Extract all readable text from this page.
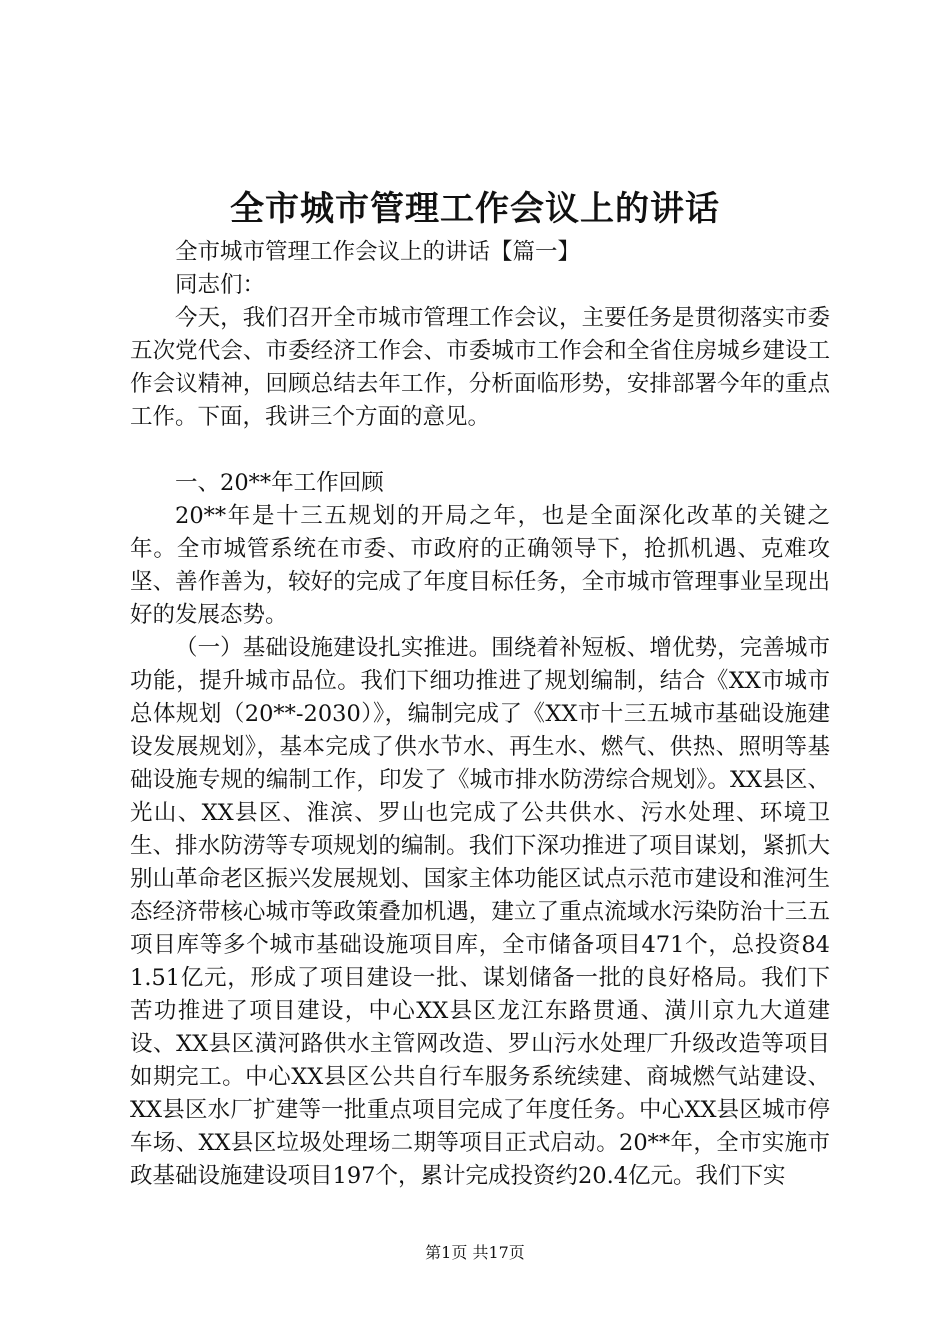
全市城市管理工作会议上的讲话

全市城市管理工作会议上的讲话【篇一】

同志们：

今天，我们召开全市城市管理工作会议，主要任务是贯彻落实市委五次党代会、市委经济工作会、市委城市工作会和全省住房城乡建设工作会议精神，回顾总结去年工作，分析面临形势，安排部署今年的重点工作。下面，我讲三个方面的意见。

一、20**年工作回顾

20**年是十三五规划的开局之年，也是全面深化改革的关键之年。全市城管系统在市委、市政府的正确领导下，抢抓机遇、克难攻坚、善作善为，较好的完成了年度目标任务，全市城市管理事业呈现出好的发展态势。

（一）基础设施建设扎实推进。围绕着补短板、增优势，完善城市功能，提升城市品位。我们下细功推进了规划编制，结合《XX市城市总体规划（20**-2030）》，编制完成了《XX市十三五城市基础设施建设发展规划》，基本完成了供水节水、再生水、燃气、供热、照明等基础设施专规的编制工作，印发了《城市排水防涝综合规划》。XX县区、光山、XX县区、淮滨、罗山也完成了公共供水、污水处理、环境卫生、排水防涝等专项规划的编制。我们下深功推进了项目谋划，紧抓大别山革命老区振兴发展规划、国家主体功能区试点示范市建设和淮河生态经济带核心城市等政策叠加机遇，建立了重点流域水污染防治十三五项目库等多个城市基础设施项目库，全市储备项目471个，总投资841.51亿元，形成了项目建设一批、谋划储备一批的良好格局。我们下苦功推进了项目建设，中心XX县区龙江东路贯通、潢川京九大道建设、XX县区潢河路供水主管网改造、罗山污水处理厂升级改造等项目如期完工。中心XX县区公共自行车服务系统续建、商城燃气站建设、XX县区水厂扩建等一批重点项目完成了年度任务。中心XX县区城市停车场、XX县区垃圾处理场二期等项目正式启动。20**年，全市实施市政基础设施建设项目197个，累计完成投资约20.4亿元。我们下实

第1页 共17页
